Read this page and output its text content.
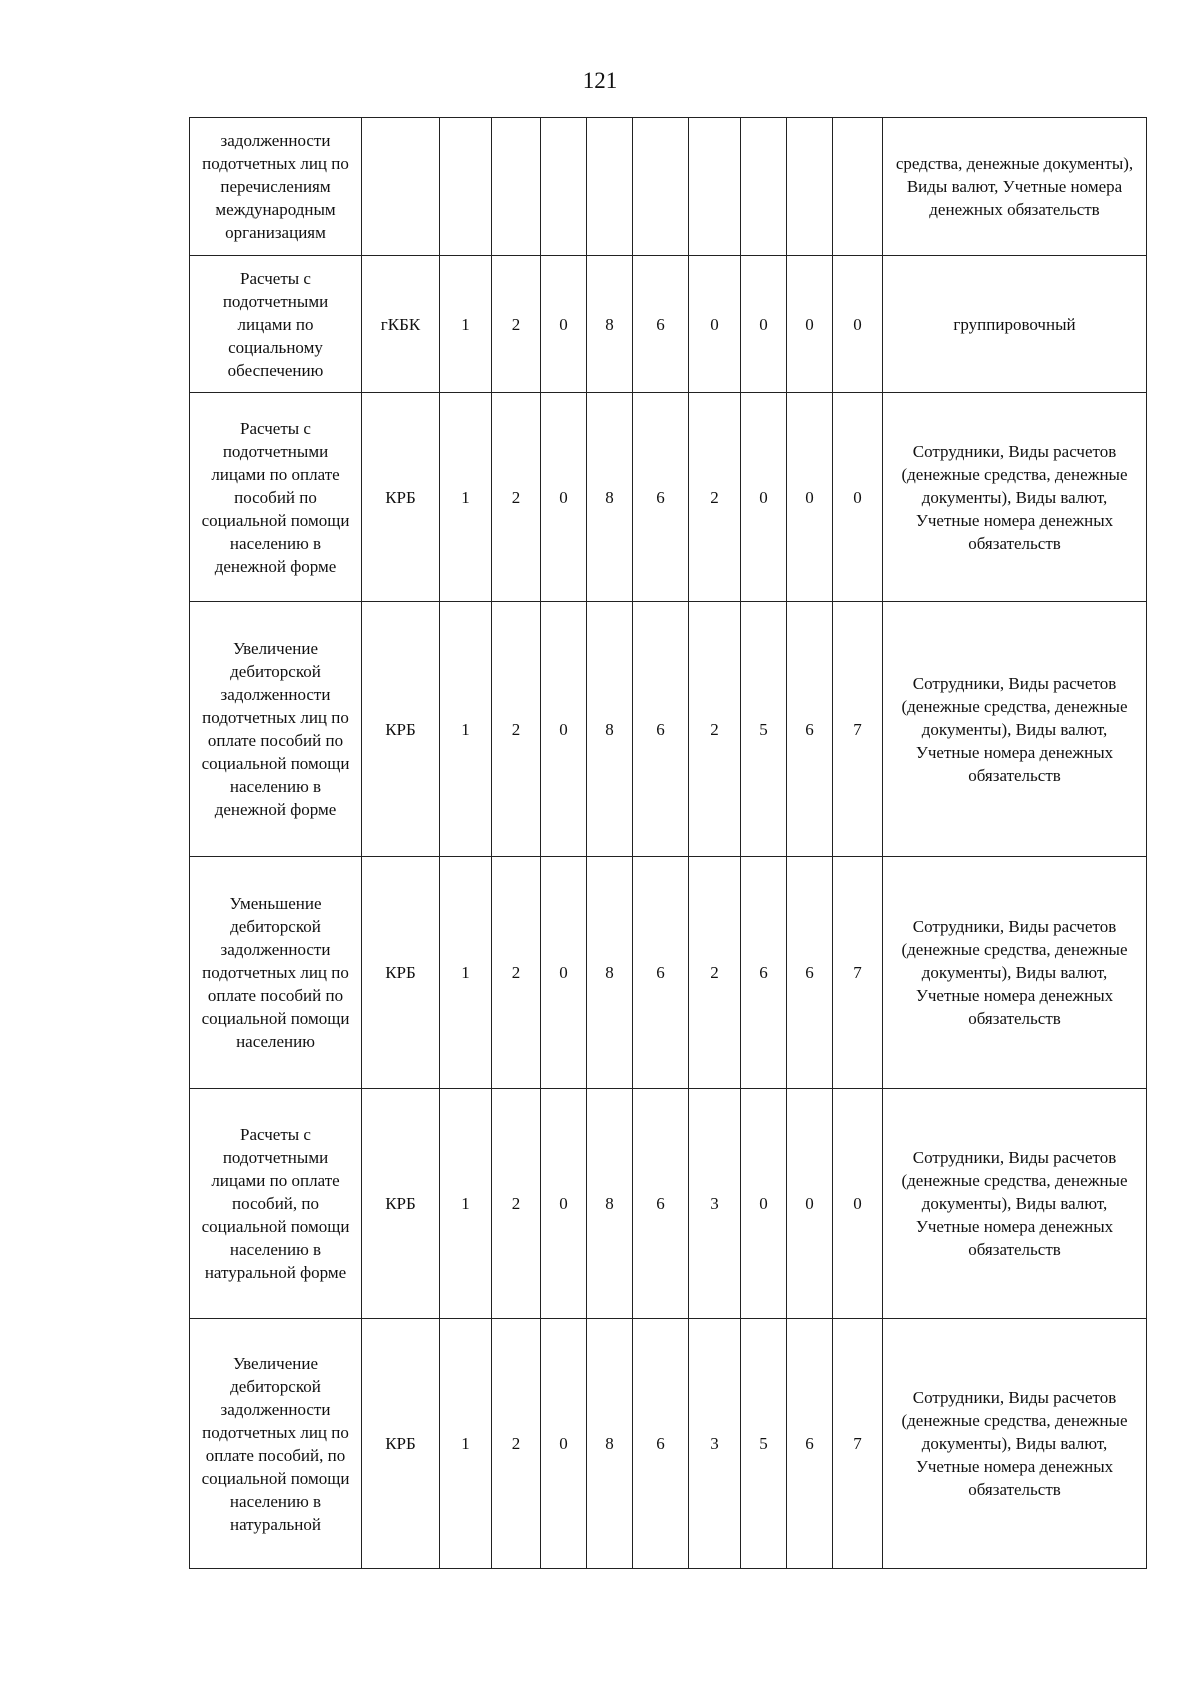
121
задолженности подотчетных лиц по перечислениям международным организациям											средства, денежные документы), Виды валют, Учетные номера денежных обязательств
Расчеты с подотчетными лицами по социальному обеспечению	гКБК	1	2	0	8	6	0	0	0	0	группировочный
Расчеты с подотчетными лицами по оплате пособий по социальной помощи населению в денежной форме	КРБ	1	2	0	8	6	2	0	0	0	Сотрудники, Виды расчетов (денежные средства, денежные документы), Виды валют, Учетные номера денежных обязательств
Увеличение дебиторской задолженности подотчетных лиц по оплате пособий по социальной помощи населению в денежной форме	КРБ	1	2	0	8	6	2	5	6	7	Сотрудники, Виды расчетов (денежные средства, денежные документы), Виды валют, Учетные номера денежных обязательств
Уменьшение дебиторской задолженности подотчетных лиц по оплате пособий по социальной помощи населению	КРБ	1	2	0	8	6	2	6	6	7	Сотрудники, Виды расчетов (денежные средства, денежные документы), Виды валют, Учетные номера денежных обязательств
Расчеты с подотчетными лицами по оплате пособий, по социальной помощи населению в натуральной форме	КРБ	1	2	0	8	6	3	0	0	0	Сотрудники, Виды расчетов (денежные средства, денежные документы), Виды валют, Учетные номера денежных обязательств
Увеличение дебиторской задолженности подотчетных лиц по оплате пособий, по социальной помощи населению в натуральной	КРБ	1	2	0	8	6	3	5	6	7	Сотрудники, Виды расчетов (денежные средства, денежные документы), Виды валют, Учетные номера денежных обязательств
